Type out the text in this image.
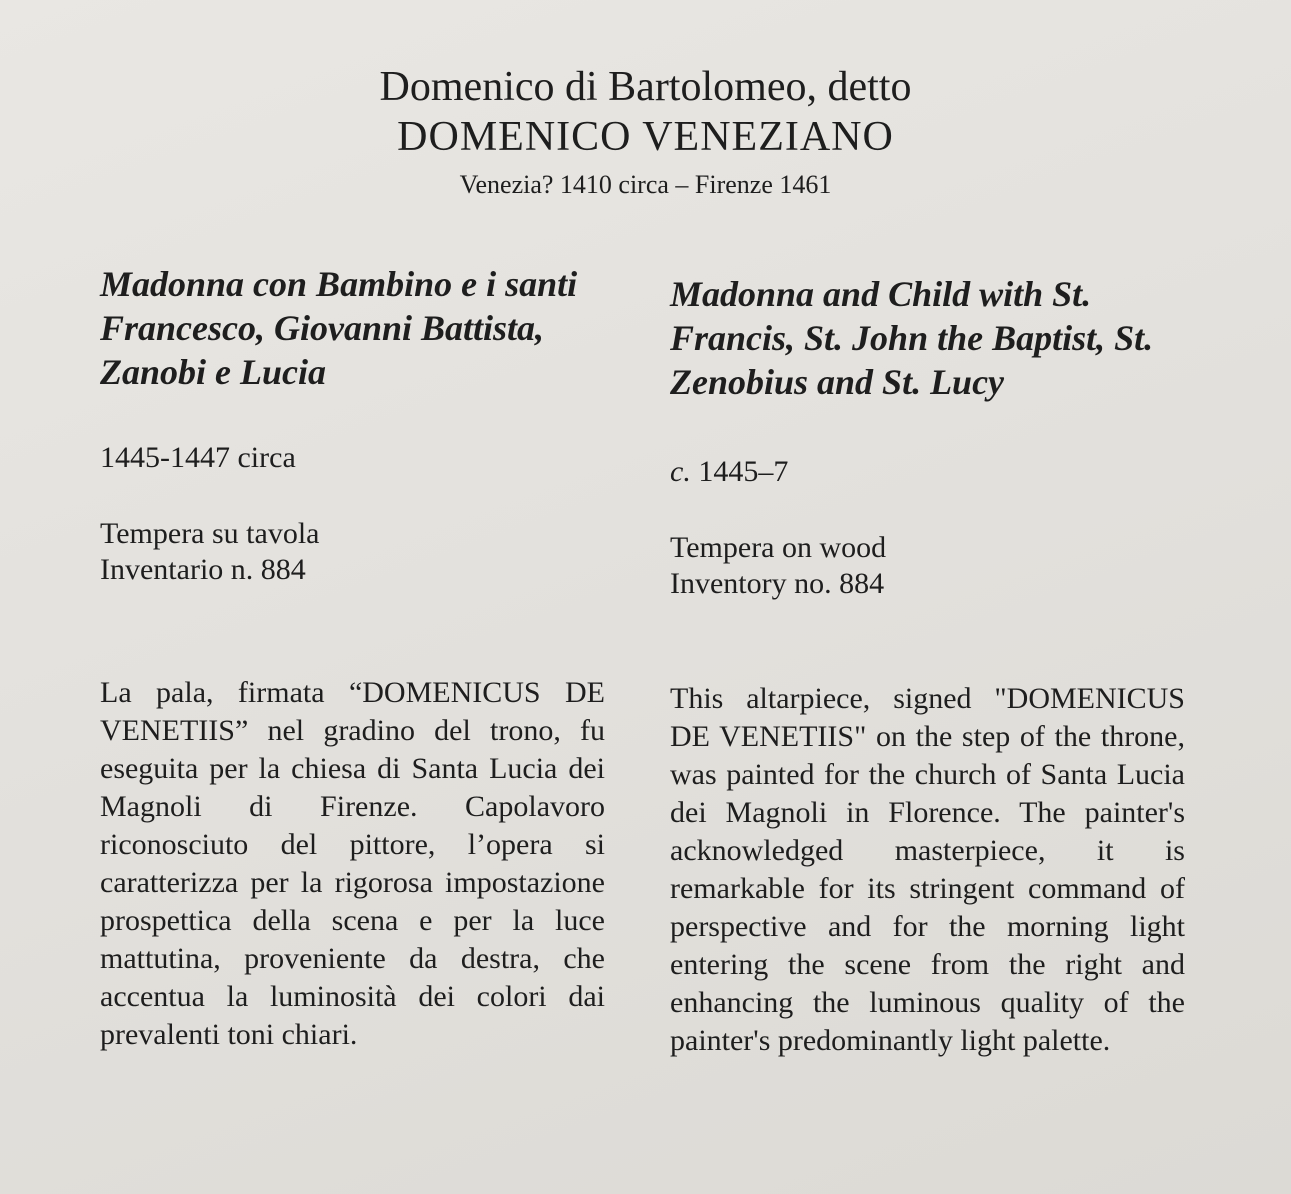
Domenico di Bartolomeo, detto

DOMENICO VENEZIANO

Venezia? 1410 circa – Firenze 1461

Madonna con Bambino e i santi Francesco, Giovanni Battista, Zanobi e Lucia

1445-1447 circa

Tempera su tavola

Inventario n. 884

La pala, firmata “DOMENICUS DE VENETIIS” nel gradino del trono, fu eseguita per la chiesa di Santa Lucia dei Magnoli di Firenze. Capolavoro riconosciuto del pittore, l’opera si caratterizza per la rigorosa impostazione prospettica della scena e per la luce mattutina, proveniente da destra, che accentua la luminosità dei colori dai prevalenti toni chiari.

Madonna and Child with St. Francis, St. John the Baptist, St. Zenobius and St. Lucy

c. 1445–7

Tempera on wood

Inventory no. 884

This altarpiece, signed "DOMENICUS DE VENETIIS" on the step of the throne, was painted for the church of Santa Lucia dei Magnoli in Florence. The painter's acknowledged masterpiece, it is remarkable for its stringent command of perspective and for the morning light entering the scene from the right and enhancing the luminous quality of the painter's predominantly light palette.
